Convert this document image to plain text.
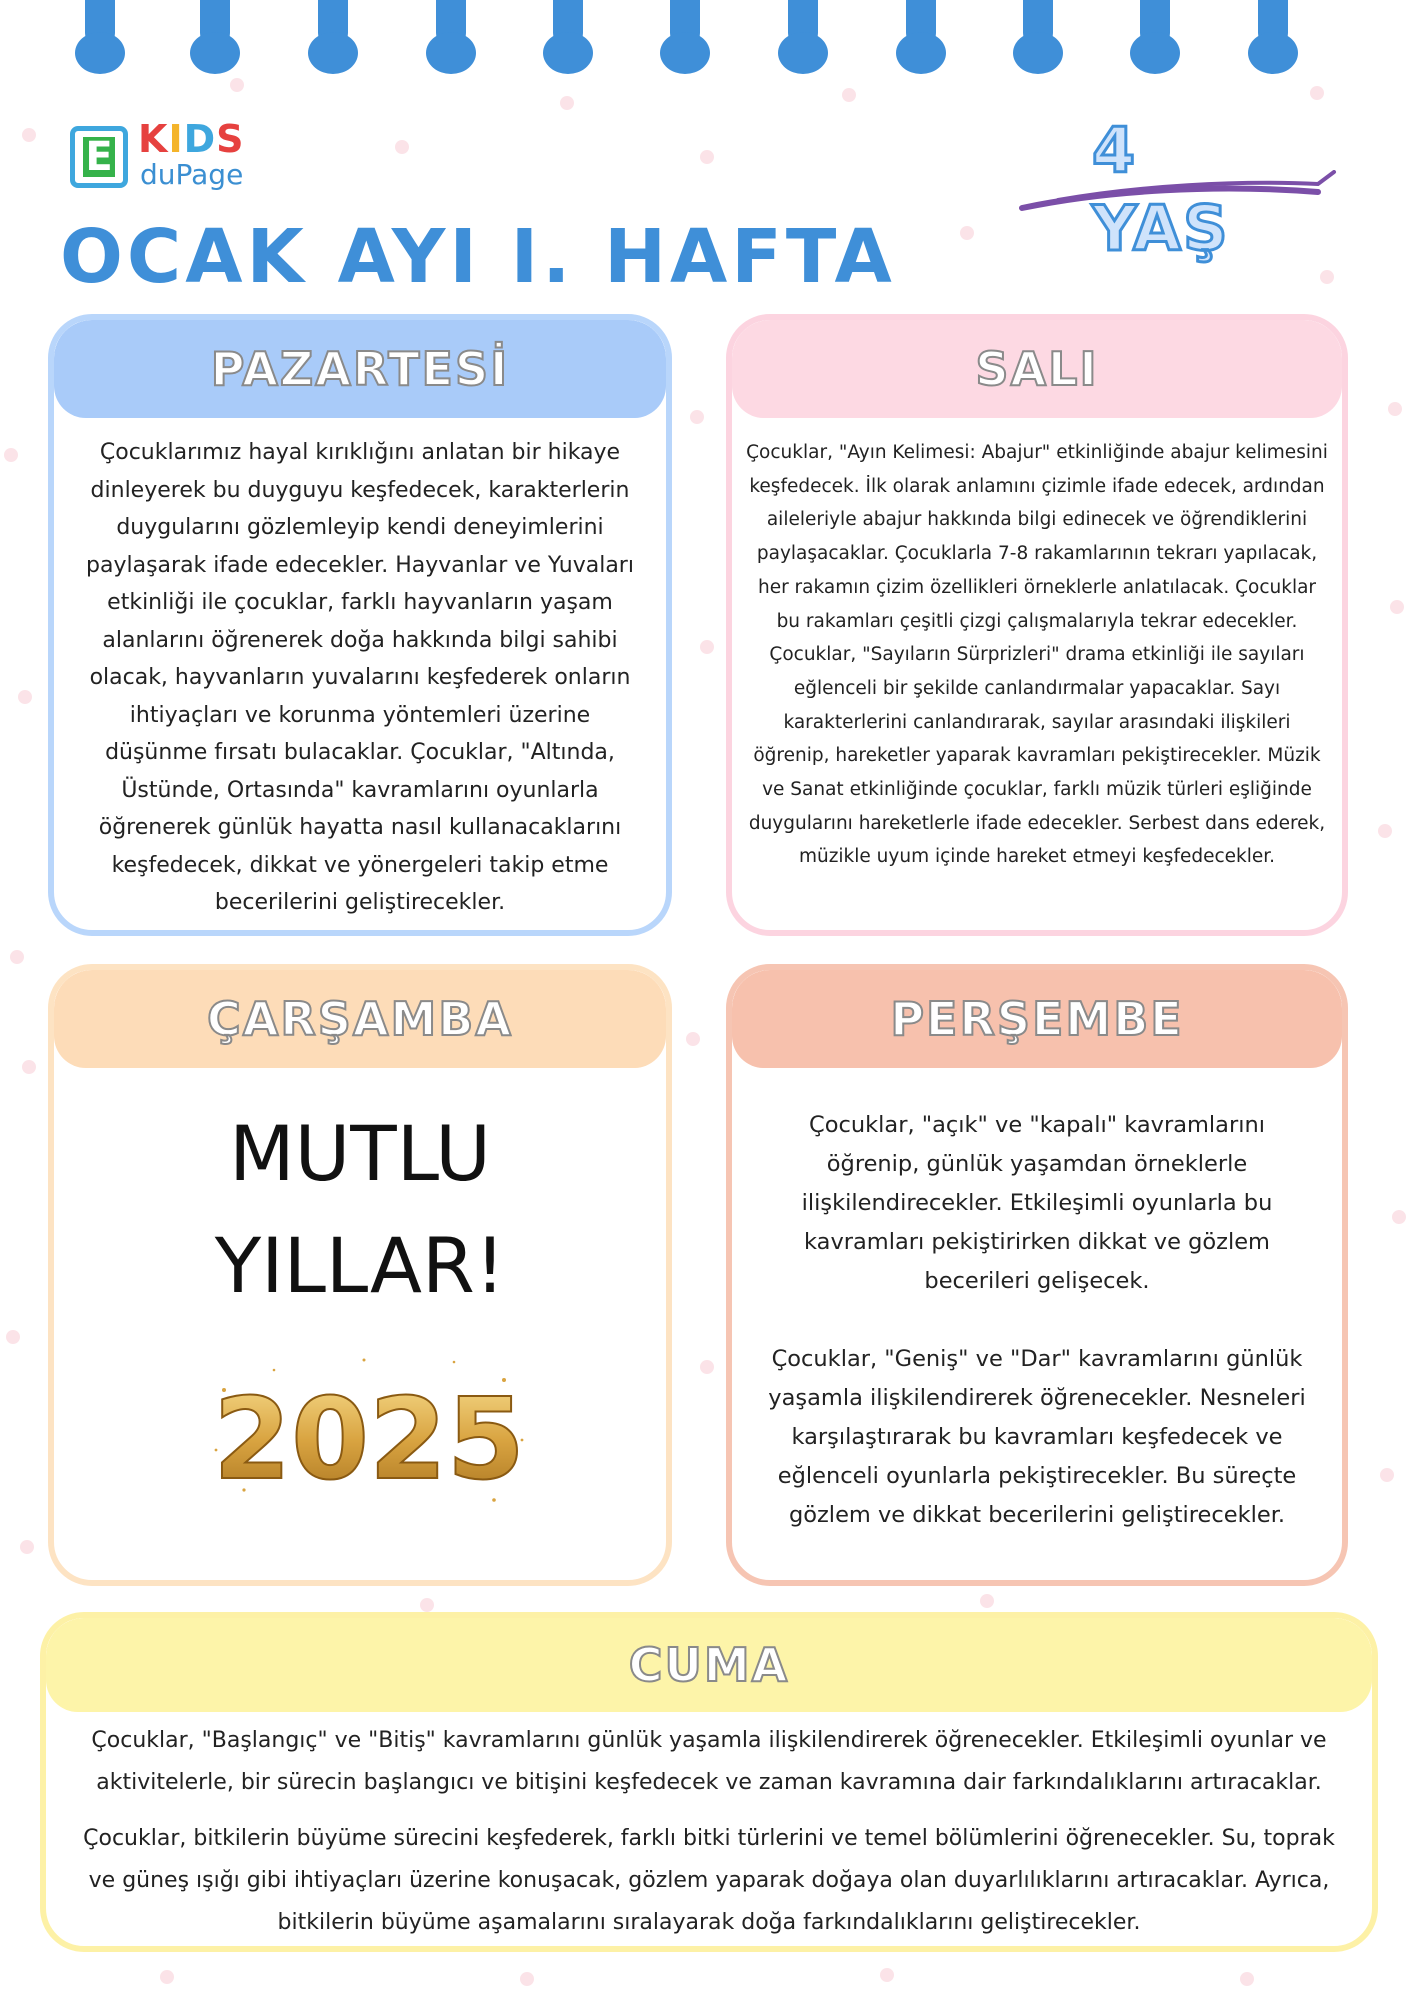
E KIDS
duPage	4 YAŞ
OCAK AYI I. HAFTA
PAZARTESİ
Çocuklarımız hayal kırıklığını anlatan bir hikaye dinleyerek bu duyguyu keşfedecek, karakterlerin duygularını gözlemleyip kendi deneyimlerini paylaşarak ifade edecekler. Hayvanlar ve Yuvaları etkinliği ile çocuklar, farklı hayvanların yaşam alanlarını öğrenerek doğa hakkında bilgi sahibi olacak, hayvanların yuvalarını keşfederek onların ihtiyaçları ve korunma yöntemleri üzerine düşünme fırsatı bulacaklar. Çocuklar, "Altında, Üstünde, Ortasında" kavramlarını oyunlarla öğrenerek günlük hayatta nasıl kullanacaklarını keşfedecek, dikkat ve yönergeleri takip etme becerilerini geliştirecekler.
SALI
Çocuklar, "Ayın Kelimesi: Abajur" etkinliğinde abajur kelimesini keşfedecek. İlk olarak anlamını çizimle ifade edecek, ardından aileleriyle abajur hakkında bilgi edinecek ve öğrendiklerini paylaşacaklar. Çocuklarla 7-8 rakamlarının tekrarı yapılacak, her rakamın çizim özellikleri örneklerle anlatılacak. Çocuklar bu rakamları çeşitli çizgi çalışmalarıyla tekrar edecekler. Çocuklar, "Sayıların Sürprizleri" drama etkinliği ile sayıları eğlenceli bir şekilde canlandırmalar yapacaklar. Sayı karakterlerini canlandırarak, sayılar arasındaki ilişkileri öğrenip, hareketler yaparak kavramları pekiştirecekler. Müzik ve Sanat etkinliğinde çocuklar, farklı müzik türleri eşliğinde duygularını hareketlerle ifade edecekler. Serbest dans ederek, müzikle uyum içinde hareket etmeyi keşfedecekler.
ÇARŞAMBA
MUTLU
YILLAR!
2025
PERŞEMBE
Çocuklar, "açık" ve "kapalı" kavramlarını öğrenip, günlük yaşamdan örneklerle ilişkilendirecekler. Etkileşimli oyunlarla bu kavramları pekiştirirken dikkat ve gözlem becerileri gelişecek.
Çocuklar, "Geniş" ve "Dar" kavramlarını günlük yaşamla ilişkilendirerek öğrenecekler. Nesneleri karşılaştırarak bu kavramları keşfedecek ve eğlenceli oyunlarla pekiştirecekler. Bu süreçte gözlem ve dikkat becerilerini geliştirecekler.
CUMA
Çocuklar, "Başlangıç" ve "Bitiş" kavramlarını günlük yaşamla ilişkilendirerek öğrenecekler. Etkileşimli oyunlar ve aktivitelerle, bir sürecin başlangıcı ve bitişini keşfedecek ve zaman kavramına dair farkındalıklarını artıracaklar.
Çocuklar, bitkilerin büyüme sürecini keşfederek, farklı bitki türlerini ve temel bölümlerini öğrenecekler. Su, toprak ve güneş ışığı gibi ihtiyaçları üzerine konuşacak, gözlem yaparak doğaya olan duyarlılıklarını artıracaklar. Ayrıca, bitkilerin büyüme aşamalarını sıralayarak doğa farkındalıklarını geliştirecekler.
